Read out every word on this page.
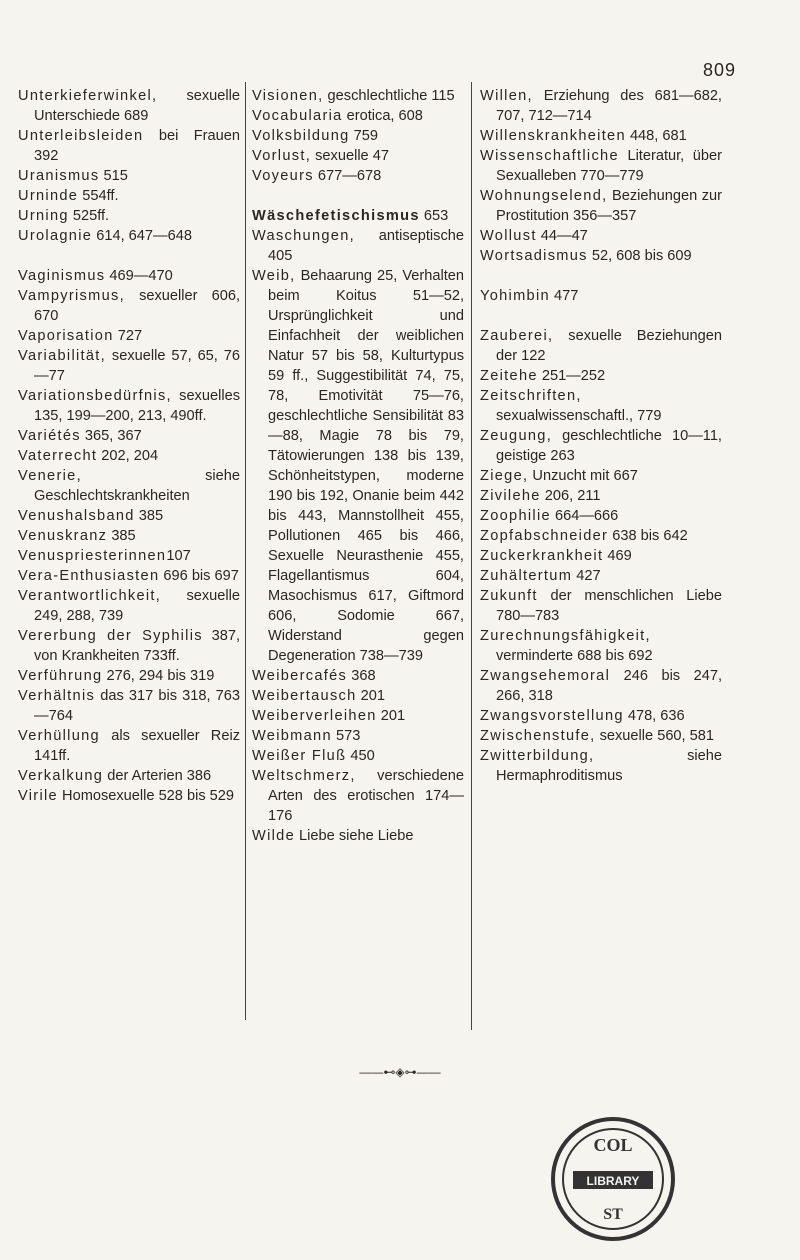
809

Unterkieferwinkel, sexuelle Unterschiede 689

Unterleibsleiden bei Frauen 392

Uranismus 515

Urninde 554ff.

Urning 525ff.

Urolagnie 614, 647—648

Vaginismus 469—470

Vampyrismus, sexueller 606, 670

Vaporisation 727

Variabilität, sexuelle 57, 65, 76—77

Variationsbedürfnis, sexuelles 135, 199—200, 213, 490ff.

Variétés 365, 367

Vaterrecht 202, 204

Venerie, siehe Geschlechtskrankheiten

Venushalsband 385

Venuskranz 385

Venuspriesterinnen107

Vera-Enthusiasten 696 bis 697

Verantwortlichkeit, sexuelle 249, 288, 739

Vererbung der Syphilis 387, von Krankheiten 733ff.

Verführung 276, 294 bis 319

Verhältnis das 317 bis 318, 763—764

Verhüllung als sexueller Reiz 141ff.

Verkalkung der Arterien 386

Virile Homosexuelle 528 bis 529

Visionen, geschlechtliche 115

Vocabularia erotica, 608

Volksbildung 759

Vorlust, sexuelle 47

Voyeurs 677—678

Wäschefetischismus 653

Waschungen, antiseptische 405

Weib, Behaarung 25, Verhalten beim Koitus 51—52, Ursprünglichkeit und Einfachheit der weiblichen Natur 57 bis 58, Kulturtypus 59 ff., Suggestibilität 74, 75, 78, Emotivität 75—76, geschlechtliche Sensibilität 83—88, Magie 78 bis 79, Tätowierungen 138 bis 139, Schönheitstypen, moderne 190 bis 192, Onanie beim 442 bis 443, Mannstollheit 455, Pollutionen 465 bis 466, Sexuelle Neurasthenie 455, Flagellantismus 604, Masochismus 617, Giftmord 606, Sodomie 667, Widerstand gegen Degeneration 738—739

Weibercafés 368

Weibertausch 201

Weiberverleihen 201

Weibmann 573

Weißer Fluß 450

Weltschmerz, verschiedene Arten des erotischen 174—176

Wilde Liebe siehe Liebe

Willen, Erziehung des 681—682, 707, 712—714

Willenskrankheiten 448, 681

Wissenschaftliche Literatur, über Sexualleben 770—779

Wohnungselend, Beziehungen zur Prostitution 356—357

Wollust 44—47

Wortsadismus 52, 608 bis 609

Yohimbin 477

Zauberei, sexuelle Beziehungen der 122

Zeitehe 251—252

Zeitschriften, sexualwissenschaftl., 779

Zeugung, geschlechtliche 10—11, geistige 263

Ziege, Unzucht mit 667

Zivilehe 206, 211

Zoophilie 664—666

Zopfabschneider 638 bis 642

Zuckerkrankheit 469

Zuhältertum 427

Zukunft der menschlichen Liebe 780—783

Zurechnungsfähigkeit, verminderte 688 bis 692

Zwangsehemoral 246 bis 247, 266, 318

Zwangsvorstellung 478, 636

Zwischenstufe, sexuelle 560, 581

Zwitterbildung, siehe Hermaphroditismus

——⊷◈⊶——
COL
LIBRARY
ST
